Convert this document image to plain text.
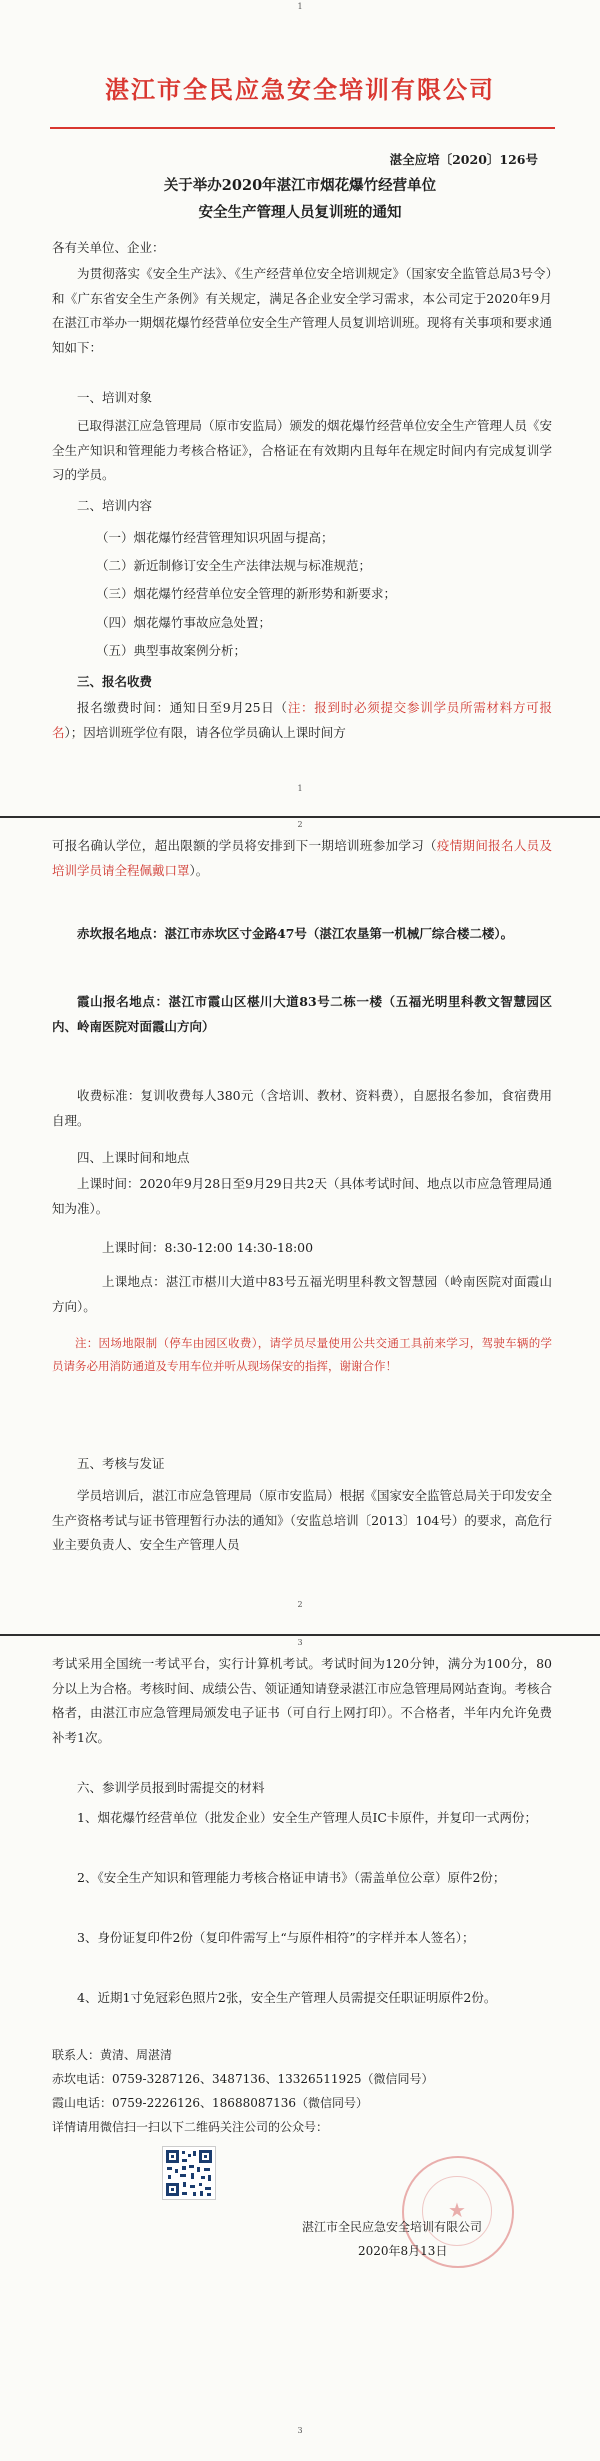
1
湛江市全民应急安全培训有限公司
湛全应培〔2020〕126号
关于举办2020年湛江市烟花爆竹经营单位
安全生产管理人员复训班的通知
各有关单位、企业：

为贯彻落实《安全生产法》、《生产经营单位安全培训规定》（国家安全监管总局3号令）和《广东省安全生产条例》有关规定，满足各企业安全学习需求，本公司定于2020年9月在湛江市举办一期烟花爆竹经营单位安全生产管理人员复训培训班。现将有关事项和要求通知如下：

一、培训对象

已取得湛江应急管理局（原市安监局）颁发的烟花爆竹经营单位安全生产管理人员《安全生产知识和管理能力考核合格证》，合格证在有效期内且每年在规定时间内有完成复训学习的学员。

二、培训内容
（一）烟花爆竹经营管理知识巩固与提高；
（二）新近制修订安全生产法律法规与标准规范；
（三）烟花爆竹经营单位安全管理的新形势和新要求；
（四）烟花爆竹事故应急处置；
（五）典型事故案例分析；
三、报名收费

报名缴费时间：通知日至9月25日（注：报到时必须提交参训学员所需材料方可报名）；因培训班学位有限，请各位学员确认上课时间方

1
2

可报名确认学位，超出限额的学员将安排到下一期培训班参加学习（疫情期间报名人员及培训学员请全程佩戴口罩）。

赤坎报名地点：湛江市赤坎区寸金路47号（湛江农垦第一机械厂综合楼二楼）。

霞山报名地点：湛江市霞山区椹川大道83号二栋一楼（五福光明里科教文智慧园区内、岭南医院对面霞山方向）

收费标准：复训收费每人380元（含培训、教材、资料费），自愿报名参加，食宿费用自理。

四、上课时间和地点

上课时间：2020年9月28日至9月29日共2天（具体考试时间、地点以市应急管理局通知为准）。

上课时间：8:30-12:00 14:30-18:00

上课地点：湛江市椹川大道中83号五福光明里科教文智慧园（岭南医院对面霞山方向）。

注：因场地限制（停车由园区收费），请学员尽量使用公共交通工具前来学习，驾驶车辆的学员请务必用消防通道及专用车位并听从现场保安的指挥，谢谢合作！

五、考核与发证

学员培训后，湛江市应急管理局（原市安监局）根据《国家安全监管总局关于印发安全生产资格考试与证书管理暂行办法的通知》（安监总培训〔2013〕104号）的要求，高危行业主要负责人、安全生产管理人员

2
3

考试采用全国统一考试平台，实行计算机考试。考试时间为120分钟，满分为100分，80分以上为合格。考核时间、成绩公告、领证通知请登录湛江市应急管理局网站查询。考核合格者，由湛江市应急管理局颁发电子证书（可自行上网打印）。不合格者，半年内允许免费补考1次。

六、参训学员报到时需提交的材料

1、烟花爆竹经营单位（批发企业）安全生产管理人员IC卡原件，并复印一式两份；

2、《安全生产知识和管理能力考核合格证申请书》（需盖单位公章）原件2份；

3、身份证复印件2份（复印件需写上“与原件相符”的字样并本人签名）；

4、近期1寸免冠彩色照片2张，安全生产管理人员需提交任职证明原件2份。

联系人：黄清、周湛清
赤坎电话：0759-3287126、3487136、13326511925（微信同号）
霞山电话：0759-2226126、18688087136（微信同号）
详情请用微信扫一扫以下二维码关注公司的公众号：
★
湛江市全民应急安全培训有限公司
2020年8月13日
3
